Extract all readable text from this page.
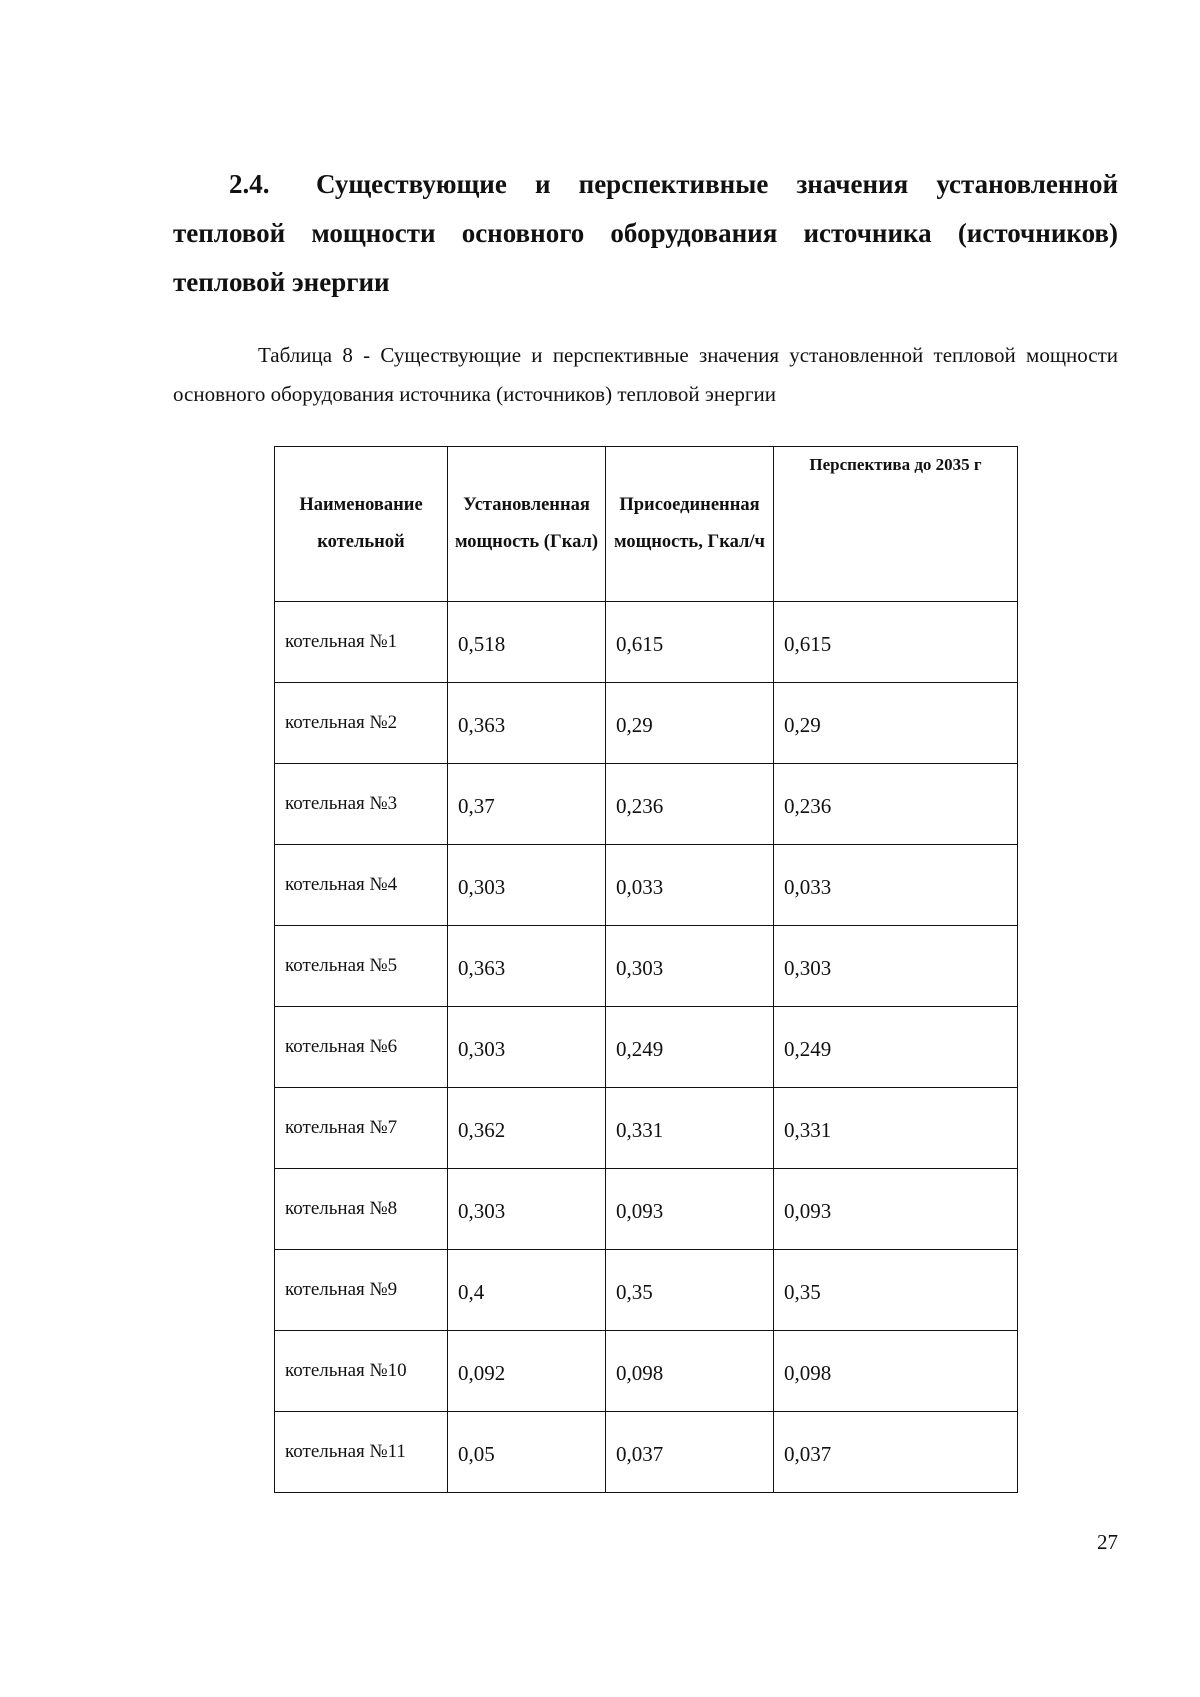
2.4. Существующие и перспективные значения установленной тепловой мощности основного оборудования источника (источников) тепловой энергии
Таблица 8 - Существующие и перспективные значения установленной тепловой мощности основного оборудования источника (источников) тепловой энергии
Наименование котельной	Установленная мощность (Гкал)	Присоединенная мощность, Гкал/ч	Перспектива до 2035 г
котельная №1	0,518	0,615	0,615
котельная №2	0,363	0,29	0,29
котельная №3	0,37	0,236	0,236
котельная №4	0,303	0,033	0,033
котельная №5	0,363	0,303	0,303
котельная №6	0,303	0,249	0,249
котельная №7	0,362	0,331	0,331
котельная №8	0,303	0,093	0,093
котельная №9	0,4	0,35	0,35
котельная №10	0,092	0,098	0,098
котельная №11	0,05	0,037	0,037
27
